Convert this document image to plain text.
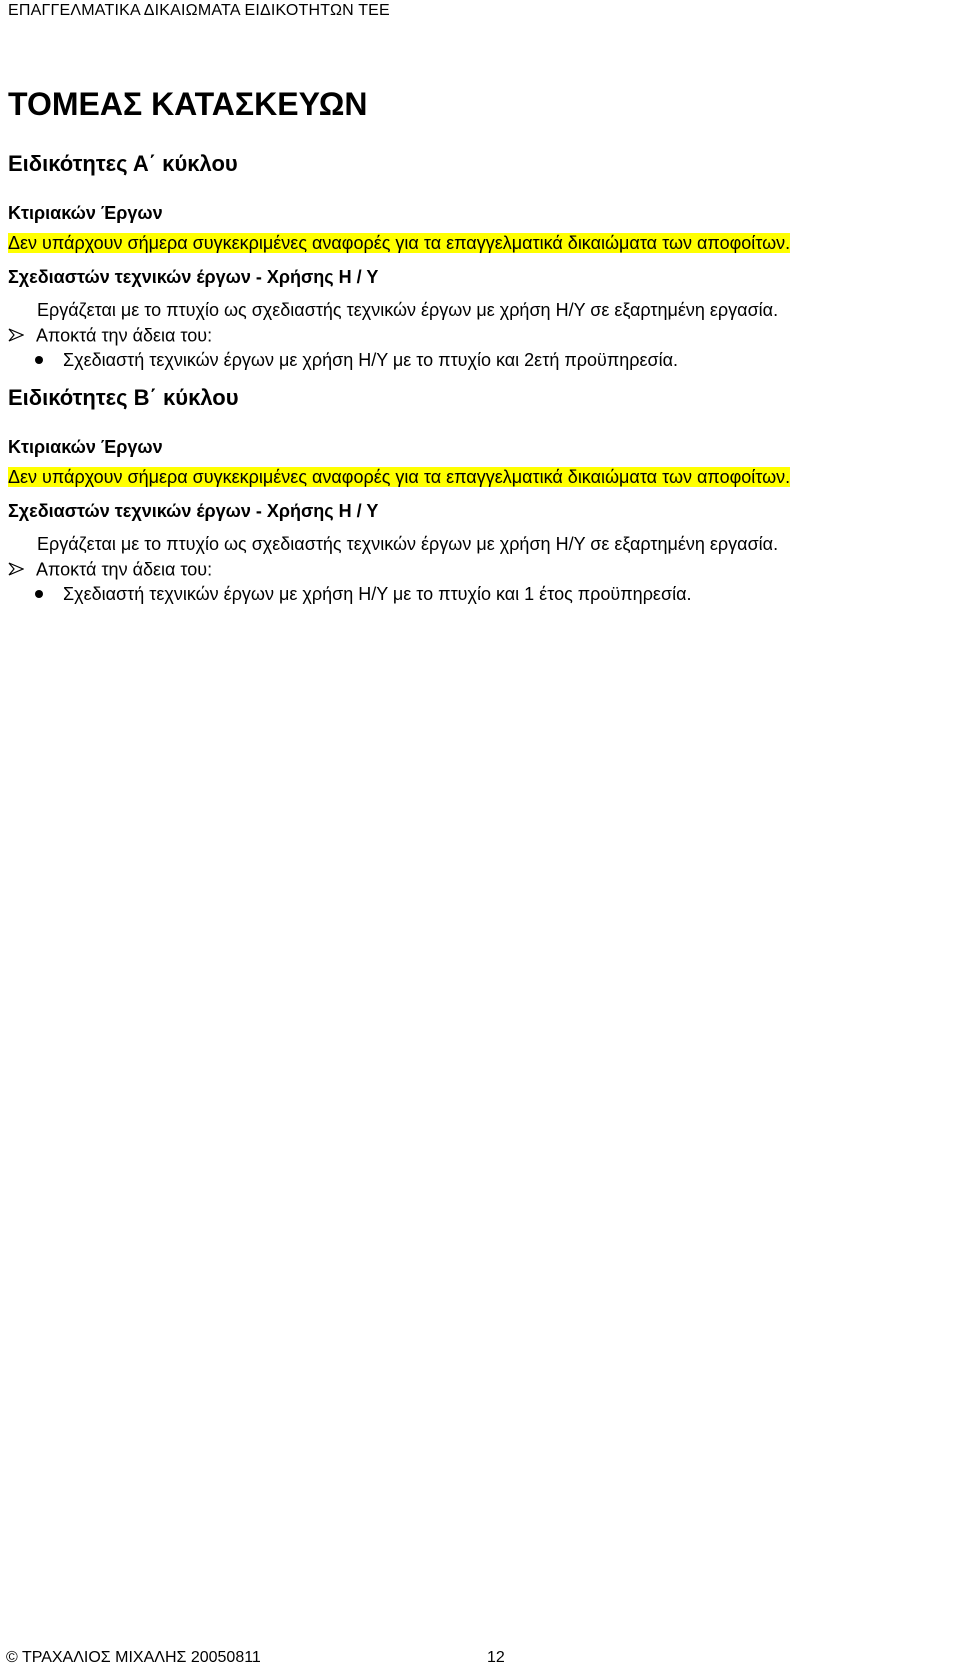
ΕΠΑΓΓΕΛΜΑΤΙΚΑ ΔΙΚΑΙΩΜΑΤΑ ΕΙΔΙΚΟΤΗΤΩΝ ΤΕΕ
ΤΟΜΕΑΣ ΚΑΤΑΣΚΕΥΩΝ
Ειδικότητες Α΄ κύκλου
Κτιριακών Έργων
Δεν υπάρχουν σήμερα συγκεκριμένες αναφορές για τα επαγγελματικά δικαιώματα των αποφοίτων.
Σχεδιαστών τεχνικών έργων - Χρήσης Η / Υ
Εργάζεται με το πτυχίο ως σχεδιαστής τεχνικών έργων με χρήση Η/Υ σε εξαρτημένη εργασία.
Αποκτά την άδεια του:
Σχεδιαστή τεχνικών έργων με χρήση Η/Υ με το πτυχίο και 2ετή προϋπηρεσία.
Ειδικότητες Β΄ κύκλου
Κτιριακών Έργων
Δεν υπάρχουν σήμερα συγκεκριμένες αναφορές για τα επαγγελματικά δικαιώματα των αποφοίτων.
Σχεδιαστών τεχνικών έργων - Χρήσης Η / Υ
Εργάζεται με το πτυχίο ως σχεδιαστής τεχνικών έργων με χρήση Η/Υ σε εξαρτημένη εργασία.
Αποκτά την άδεια του:
Σχεδιαστή τεχνικών έργων με χρήση Η/Υ με το πτυχίο και 1 έτος προϋπηρεσία.
© ΤΡΑΧΑΛΙΟΣ ΜΙΧΑΛΗΣ 20050811	12
